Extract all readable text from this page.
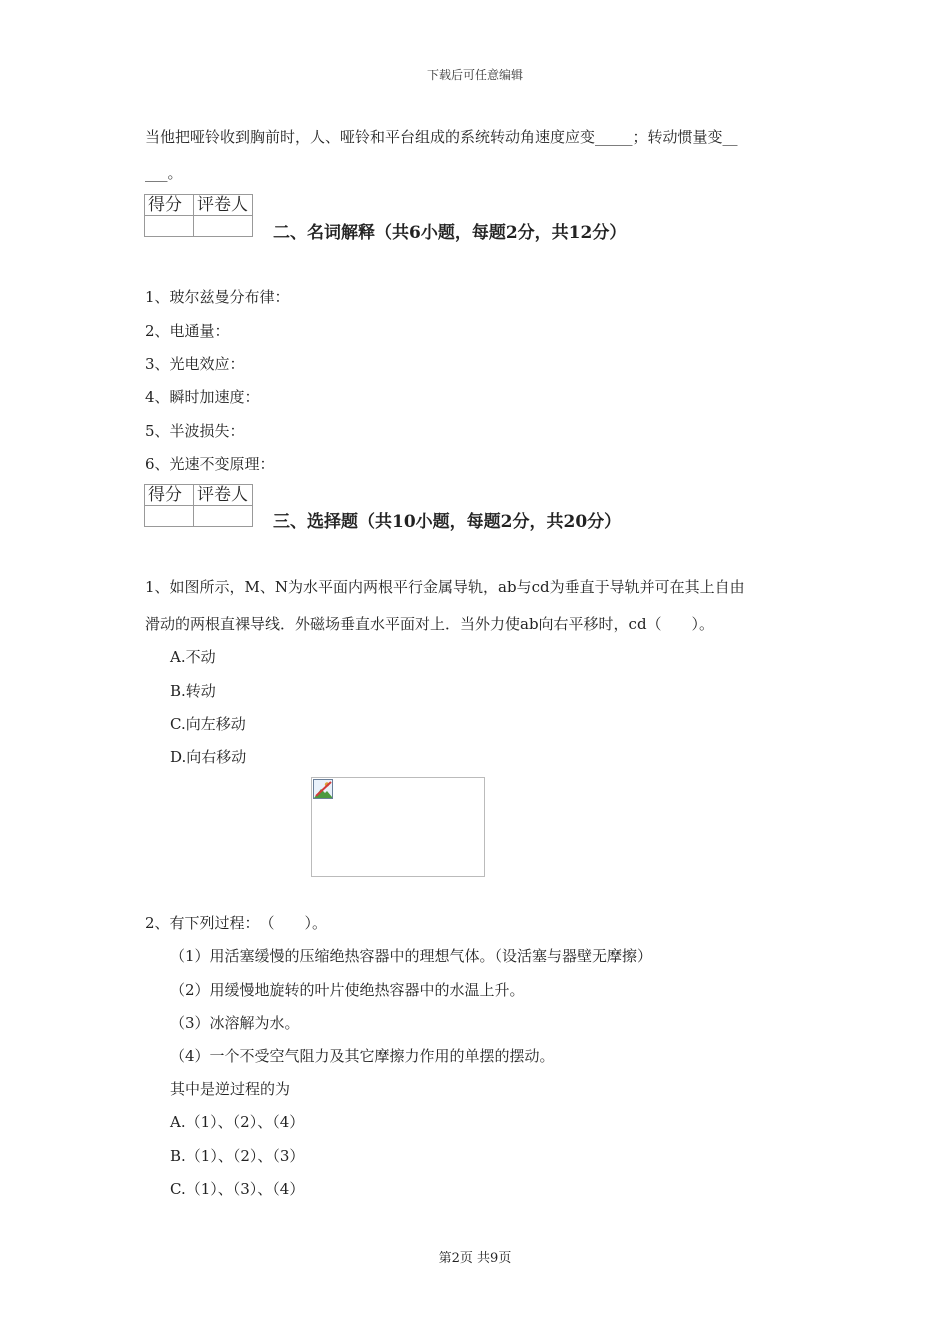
下载后可任意编辑
当他把哑铃收到胸前时，人、哑铃和平台组成的系统转动角速度应变_____；转动惯量变__
___。
得分	评卷人

二、名词解释（共6小题，每题2分，共12分）
1、玻尔兹曼分布律：
2、电通量：
3、光电效应：
4、瞬时加速度：
5、半波损失：
6、光速不变原理：
得分	评卷人

三、选择题（共10小题，每题2分，共20分）
1、如图所示，M、N为水平面内两根平行金属导轨，ab与cd为垂直于导轨并可在其上自由
滑动的两根直裸导线．外磁场垂直水平面对上．当外力使ab向右平移时，cd（　　）。
A.不动
B.转动
C.向左移动
D.向右移动
2、有下列过程：　（　　）。
（1）用活塞缓慢的压缩绝热容器中的理想气体。（设活塞与器壁无摩擦）
（2）用缓慢地旋转的叶片使绝热容器中的水温上升。
（3）冰溶解为水。
（4）一个不受空气阻力及其它摩擦力作用的单摆的摆动。
其中是逆过程的为
A.（1）、（2）、（4）
B.（1）、（2）、（3）
C.（1）、（3）、（4）
第2页 共9页
